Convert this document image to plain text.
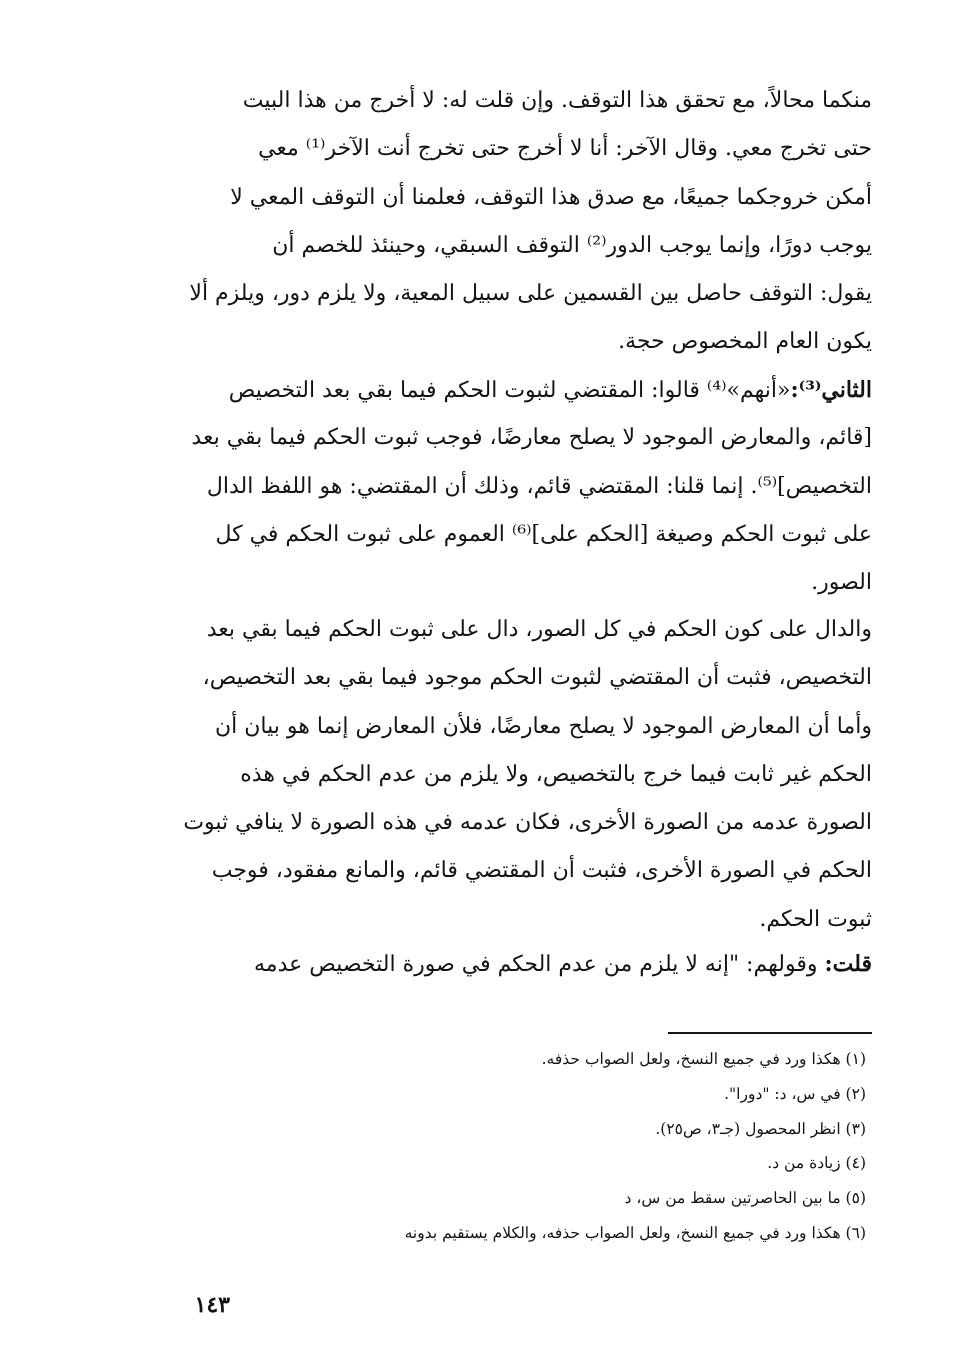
منكما محالاً، مع تحقق هذا التوقف. وإن قلت له: لا أخرج من هذا البيت
حتى تخرج معي. وقال الآخر: أنا لا أخرج حتى تخرج أنت الآخر⁽¹⁾ معي
أمكن خروجكما جميعًا، مع صدق هذا التوقف، فعلمنا أن التوقف المعي لا
يوجب دورًا، وإنما يوجب الدور⁽²⁾ التوقف السبقي، وحينئذ للخصم أن
يقول: التوقف حاصل بين القسمين على سبيل المعية، ولا يلزم دور، ويلزم ألا
يكون العام المخصوص حجة.
الثاني⁽³⁾:«أنهم»⁽⁴⁾ قالوا: المقتضي لثبوت الحكم فيما بقي بعد التخصيص
[قائم، والمعارض الموجود لا يصلح معارضًا، فوجب ثبوت الحكم فيما بقي بعد
التخصيص]⁽⁵⁾. إنما قلنا: المقتضي قائم، وذلك أن المقتضي: هو اللفظ الدال
على ثبوت الحكم وصيغة [الحكم على]⁽⁶⁾ العموم على ثبوت الحكم في كل
الصور.
والدال على كون الحكم في كل الصور، دال على ثبوت الحكم فيما بقي بعد
التخصيص، فثبت أن المقتضي لثبوت الحكم موجود فيما بقي بعد التخصيص،
وأما أن المعارض الموجود لا يصلح معارضًا، فلأن المعارض إنما هو بيان أن
الحكم غير ثابت فيما خرج بالتخصيص، ولا يلزم من عدم الحكم في هذه
الصورة عدمه من الصورة الأخرى، فكان عدمه في هذه الصورة لا ينافي ثبوت
الحكم في الصورة الأخرى، فثبت أن المقتضي قائم، والمانع مفقود، فوجب
ثبوت الحكم.
قلت: وقولهم: "إنه لا يلزم من عدم الحكم في صورة التخصيص عدمه
(١) هكذا ورد في جميع النسخ، ولعل الصواب حذفه.
(٢) في س، د: "دورا".
(٣) انظر المحصول (جـ٣، ص٢٥).
(٤) زيادة من د.
(٥) ما بين الحاصرتين سقط من س، د
(٦) هكذا ورد في جميع النسخ، ولعل الصواب حذفه، والكلام يستقيم بدونه
١٤٣
